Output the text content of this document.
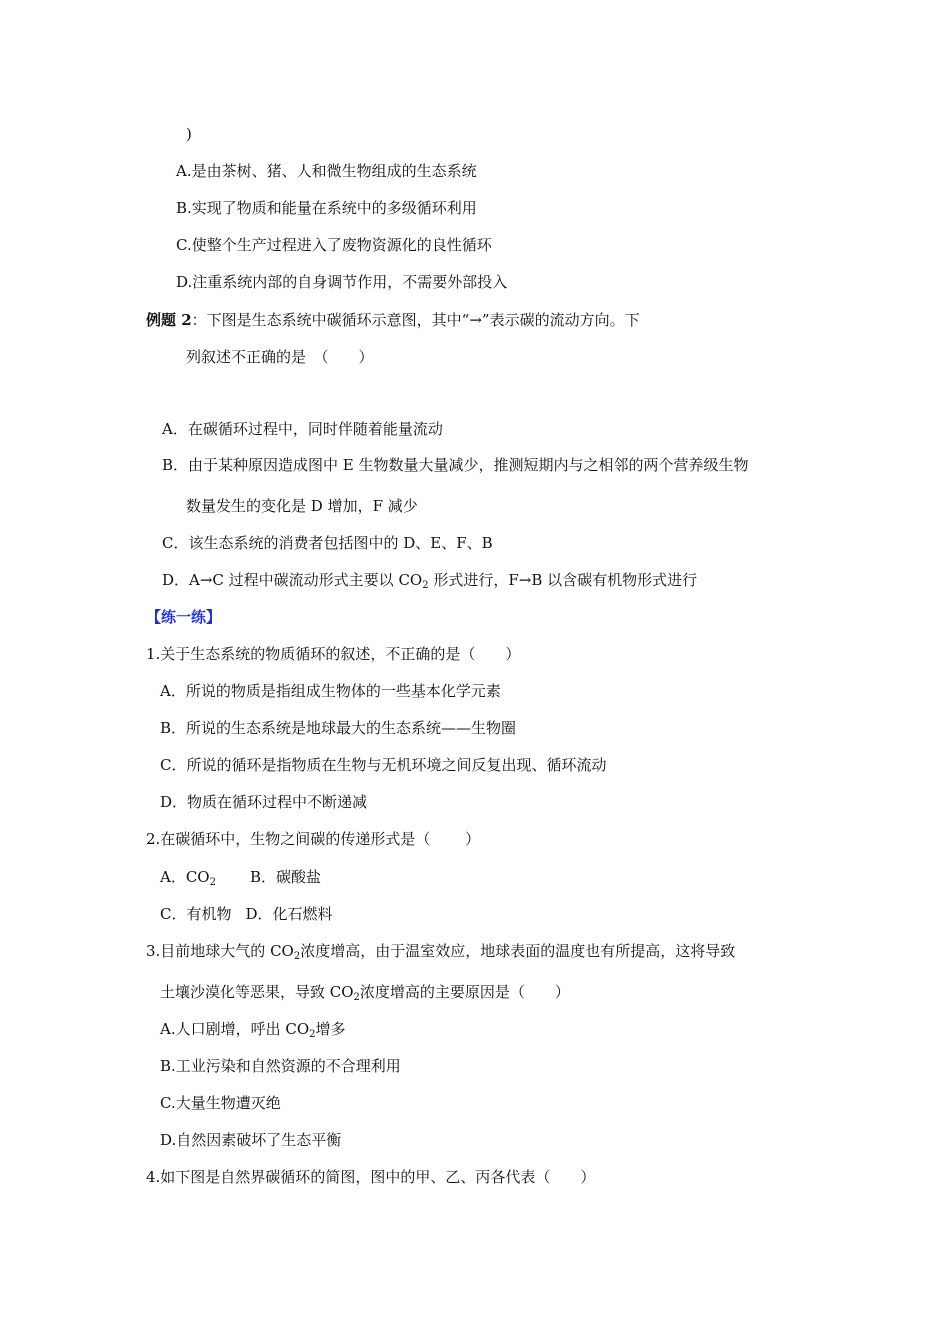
)
A.是由茶树、猪、人和微生物组成的生态系统
B.实现了物质和能量在系统中的多级循环利用
C.使整个生产过程进入了废物资源化的良性循环
D.注重系统内部的自身调节作用，不需要外部投入
例题 2：下图是生态系统中碳循环示意图，其中“→”表示碳的流动方向。下
列叙述不正确的是　（　　）
A．在碳循环过程中，同时伴随着能量流动
B．由于某种原因造成图中 E 生物数量大量减少，推测短期内与之相邻的两个营养级生物
数量发生的变化是 D 增加，F 减少
C．该生态系统的消费者包括图中的 D、E、F、B
D．A→C 过程中碳流动形式主要以 $CO_2$ 形式进行，F→B 以含碳有机物形式进行
【练一练】
1.关于生态系统的物质循环的叙述，不正确的是（　　）
A．所说的物质是指组成生物体的一些基本化学元素
B．所说的生态系统是地球最大的生态系统——生物圈
C．所说的循环是指物质在生物与无机环境之间反复出现、循环流动
D．物质在循环过程中不断递减
2.在碳循环中，生物之间碳的传递形式是（　　 ）
A．$CO_2$ B．碳酸盐
C．有机物 D．化石燃料
3.目前地球大气的 $CO_2$浓度增高，由于温室效应，地球表面的温度也有所提高，这将导致
土壤沙漠化等恶果，导致 $CO_2$浓度增高的主要原因是（　　）
A.人口剧增，呼出 $CO_2$增多
B.工业污染和自然资源的不合理利用
C.大量生物遭灭绝
D.自然因素破坏了生态平衡
4.如下图是自然界碳循环的简图，图中的甲、乙、丙各代表（　　）
